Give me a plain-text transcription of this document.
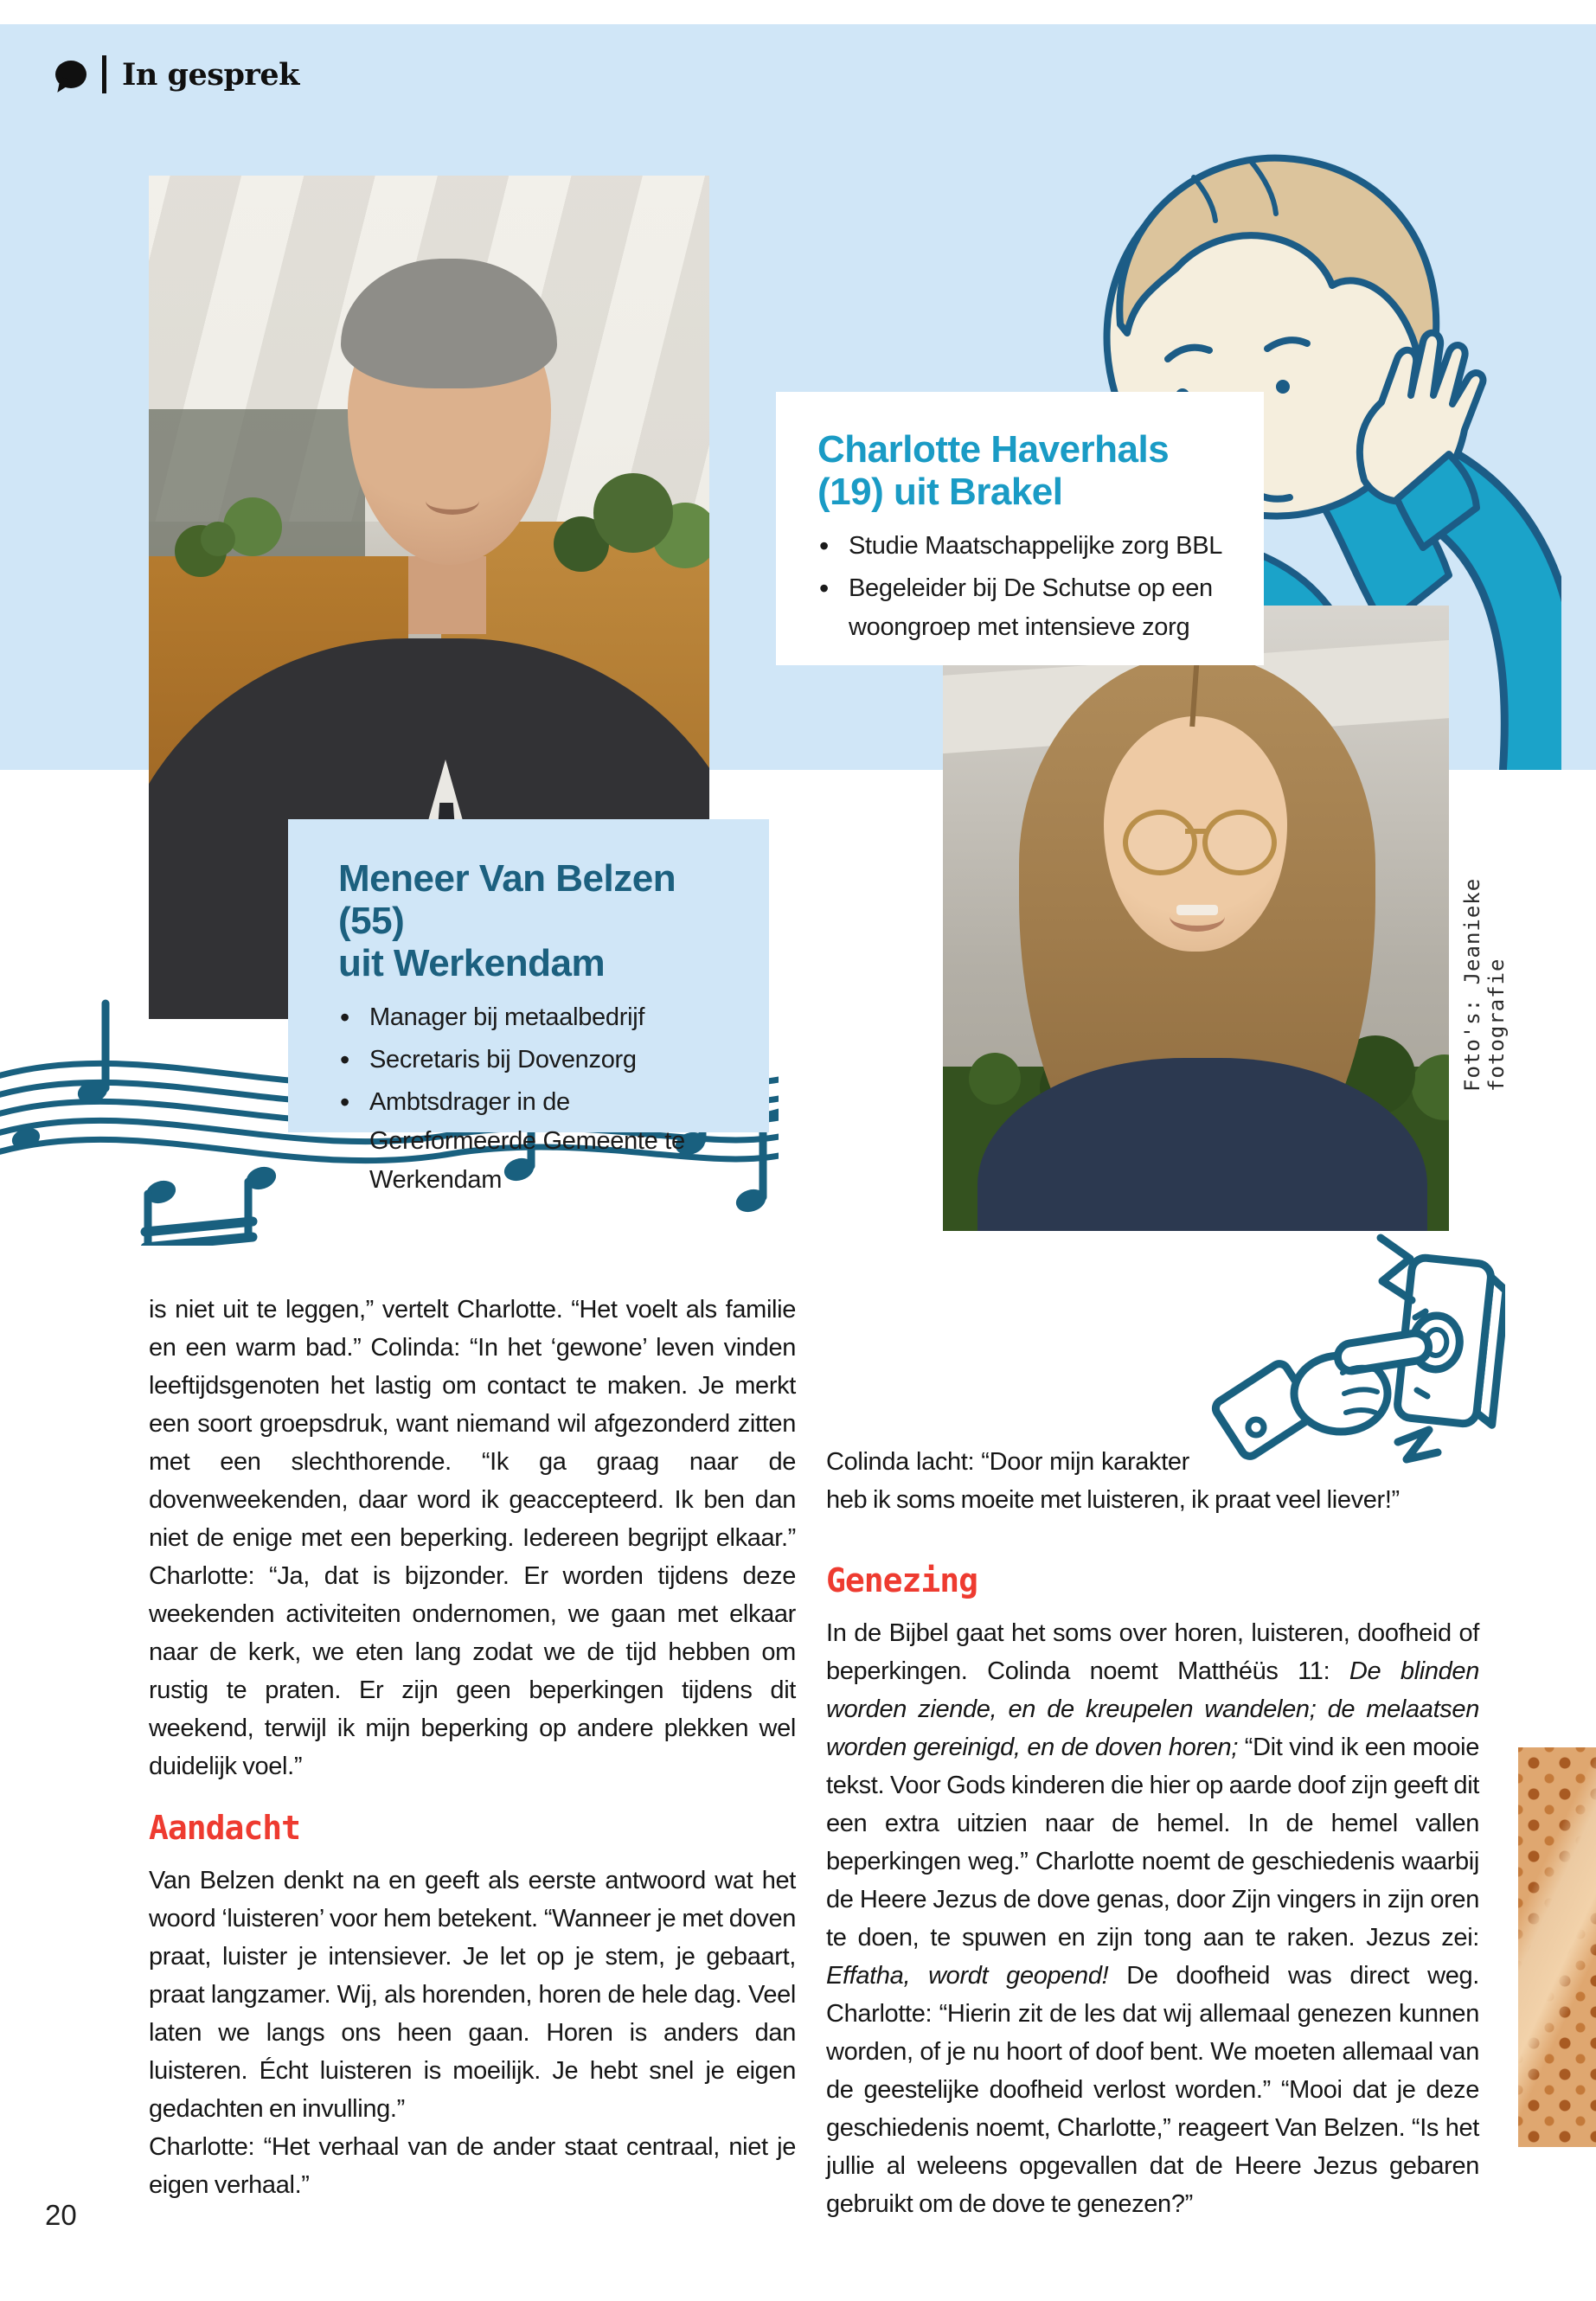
In gesprek

Charlotte Haverhals
(19) uit Brakel

• Studie Maatschappelijke zorg BBL
• Begeleider bij De Schutse op een woongroep met intensieve zorg
Foto's: Jeanieke fotografie

Meneer Van Belzen (55)
uit Werkendam

• Manager bij metaalbedrijf
• Secretaris bij Dovenzorg
• Ambtsdrager in de Gereformeerde Gemeente te Werkendam

is niet uit te leggen,” vertelt Charlotte. “Het voelt als familie en een warm bad.” Colinda: “In het ‘gewone’ leven vinden leeftijdsgenoten het lastig om contact te maken. Je merkt een soort groepsdruk, want niemand wil afgezonderd zitten met een slechthorende. “Ik ga graag naar de dovenweekenden, daar word ik geaccepteerd. Ik ben dan niet de enige met een beperking. Iedereen begrijpt elkaar.” Charlotte: “Ja, dat is bijzonder. Er worden tijdens deze weekenden activiteiten ondernomen, we gaan met elkaar naar de kerk, we eten lang zodat we de tijd hebben om rustig te praten. Er zijn geen beperkingen tijdens dit weekend, terwijl ik mijn beperking op andere plekken wel duidelijk voel.”

Aandacht

Van Belzen denkt na en geeft als eerste antwoord wat het woord ‘luisteren’ voor hem betekent. “Wanneer je met doven praat, luister je intensiever. Je let op je stem, je gebaart, praat langzamer. Wij, als horenden, horen de hele dag. Veel laten we langs ons heen gaan. Horen is anders dan luisteren. Écht luisteren is moeilijk. Je hebt snel je eigen gedachten en invulling.”

Charlotte: “Het verhaal van de ander staat centraal, niet je eigen verhaal.”

Colinda lacht: “Door mijn karakter heb ik soms moeite met luisteren, ik praat veel liever!”

Genezing

In de Bijbel gaat het soms over horen, luisteren, doofheid of beperkingen. Colinda noemt Matthéüs 11: De blinden worden ziende, en de kreupelen wandelen; de melaatsen worden gereinigd, en de doven horen; “Dit vind ik een mooie tekst. Voor Gods kinderen die hier op aarde doof zijn geeft dit een extra uitzien naar de hemel. In de hemel vallen beperkingen weg.” Charlotte noemt de geschiedenis waarbij de Heere Jezus de dove genas, door Zijn vingers in zijn oren te doen, te spuwen en zijn tong aan te raken. Jezus zei: Effatha, wordt geopend! De doofheid was direct weg. Charlotte: “Hierin zit de les dat wij allemaal genezen kunnen worden, of je nu hoort of doof bent. We moeten allemaal van de geestelijke doofheid verlost worden.” “Mooi dat je deze geschiedenis noemt, Charlotte,” reageert Van Belzen. “Is het jullie al weleens opgevallen dat de Heere Jezus gebaren gebruikt om de dove te genezen?”

20
